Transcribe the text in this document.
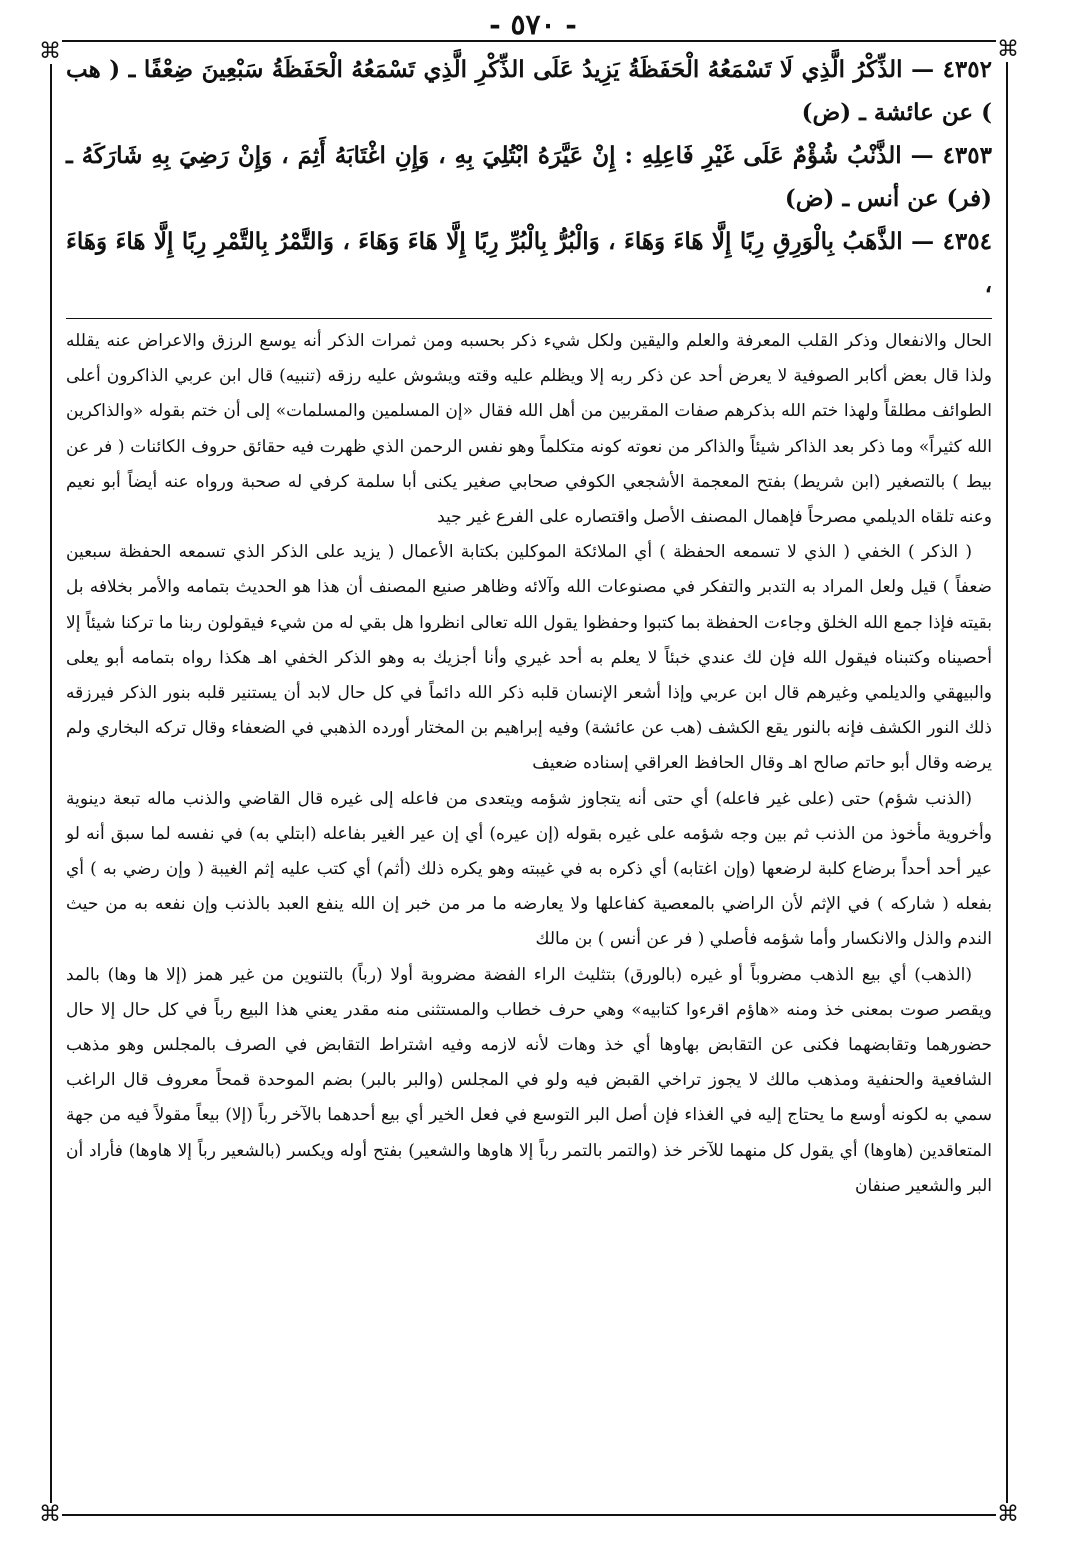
- ٥٧٠ -
⌘	⌘
⌘	⌘

٤٣٥٢ — الذِّكْرُ الَّذِي لَا تَسْمَعُهُ الْحَفَظَةُ يَزِيدُ عَلَى الذِّكْرِ الَّذِي تَسْمَعُهُ الْحَفَظَةُ سَبْعِينَ ضِعْفًا ـ ( هب ) عن عائشة ـ (ض)

٤٣٥٣ — الذَّنْبُ شُؤْمٌ عَلَى غَيْرِ فَاعِلِهِ : إِنْ عَيَّرَهُ ابْتُلِيَ بِهِ ، وَإِنِ اغْتَابَهُ أَثِمَ ، وَإِنْ رَضِيَ بِهِ شَارَكَهُ ـ (فر) عن أنس ـ (ض)

٤٣٥٤ — الذَّهَبُ بِالْوَرِقِ رِبًا إِلَّا هَاءَ وَهَاءَ ، وَالْبُرُّ بِالْبُرِّ رِبًا إِلَّا هَاءَ وَهَاءَ ، وَالتَّمْرُ بِالتَّمْرِ رِبًا إِلَّا هَاءَ وَهَاءَ ،

الحال والانفعال وذكر القلب المعرفة والعلم واليقين ولكل شيء ذكر بحسبه ومن ثمرات الذكر أنه يوسع الرزق والاعراض عنه يقلله ولذا قال بعض أكابر الصوفية لا يعرض أحد عن ذكر ربه إلا ويظلم عليه وقته ويشوش عليه رزقه (تنبيه) قال ابن عربي الذاكرون أعلى الطوائف مطلقاً ولهذا ختم الله بذكرهم صفات المقربين من أهل الله فقال «إن المسلمين والمسلمات» إلى أن ختم بقوله «والذاكرين الله كثيراً» وما ذكر بعد الذاكر شيئاً والذاكر من نعوته كونه متكلماً وهو نفس الرحمن الذي ظهرت فيه حقائق حروف الكائنات ( فر عن بيط ) بالتصغير (ابن شريط) بفتح المعجمة الأشجعي الكوفي صحابي صغير يكنى أبا سلمة كرفي له صحبة ورواه عنه أيضاً أبو نعيم وعنه تلقاه الديلمي مصرحاً فإهمال المصنف الأصل واقتصاره على الفرع غير جيد

( الذكر ) الخفي ( الذي لا تسمعه الحفظة ) أي الملائكة الموكلين بكتابة الأعمال ( يزيد على الذكر الذي تسمعه الحفظة سبعين ضعفاً ) قيل ولعل المراد به التدبر والتفكر في مصنوعات الله وآلائه وظاهر صنيع المصنف أن هذا هو الحديث بتمامه والأمر بخلافه بل بقيته فإذا جمع الله الخلق وجاءت الحفظة بما كتبوا وحفظوا يقول الله تعالى انظروا هل بقي له من شيء فيقولون ربنا ما تركنا شيئاً إلا أحصيناه وكتبناه فيقول الله فإن لك عندي خبئاً لا يعلم به أحد غيري وأنا أجزيك به وهو الذكر الخفي اهـ هكذا رواه بتمامه أبو يعلى والبيهقي والديلمي وغيرهم قال ابن عربي وإذا أشعر الإنسان قلبه ذكر الله دائماً في كل حال لابد أن يستنير قلبه بنور الذكر فيرزقه ذلك النور الكشف فإنه بالنور يقع الكشف (هب عن عائشة) وفيه إبراهيم بن المختار أورده الذهبي في الضعفاء وقال تركه البخاري ولم يرضه وقال أبو حاتم صالح اهـ وقال الحافظ العراقي إسناده ضعيف

(الذنب شؤم) حتى (على غير فاعله) أي حتى أنه يتجاوز شؤمه ويتعدى من فاعله إلى غيره قال القاضي والذنب ماله تبعة دينوية وأخروية مأخوذ من الذنب ثم بين وجه شؤمه على غيره بقوله (إن عيره) أي إن عير الغير بفاعله (ابتلي به) في نفسه لما سبق أنه لو عير أحد أحداً برضاع كلبة لرضعها (وإن اغتابه) أي ذكره به في غيبته وهو يكره ذلك (أثم) أي كتب عليه إثم الغيبة ( وإن رضي به ) أي بفعله ( شاركه ) في الإثم لأن الراضي بالمعصية كفاعلها ولا يعارضه ما مر من خبر إن الله ينفع العبد بالذنب وإن نفعه به من حيث الندم والذل والانكسار وأما شؤمه فأصلي ( فر عن أنس ) بن مالك

(الذهب) أي بيع الذهب مضروباً أو غيره (بالورق) بتثليث الراء الفضة مضروبة أولا (رباً) بالتنوين من غير همز (إلا ها وها) بالمد ويقصر صوت بمعنى خذ ومنه «هاؤم اقرءوا كتابيه» وهي حرف خطاب والمستثنى منه مقدر يعني هذا البيع رباً في كل حال إلا حال حضورهما وتقابضهما فكنى عن التقابض بهاوها أي خذ وهات لأنه لازمه وفيه اشتراط التقابض في الصرف بالمجلس وهو مذهب الشافعية والحنفية ومذهب مالك لا يجوز تراخي القبض فيه ولو في المجلس (والبر بالبر) بضم الموحدة قمحاً معروف قال الراغب سمي به لكونه أوسع ما يحتاج إليه في الغذاء فإن أصل البر التوسع في فعل الخير أي بيع أحدهما بالآخر رباً (إلا) بيعاً مقولاً فيه من جهة المتعاقدين (هاوها) أي يقول كل منهما للآخر خذ (والتمر بالتمر رباً إلا هاوها والشعير) بفتح أوله ويكسر (بالشعير رباً إلا هاوها) فأراد أن البر والشعير صنفان
